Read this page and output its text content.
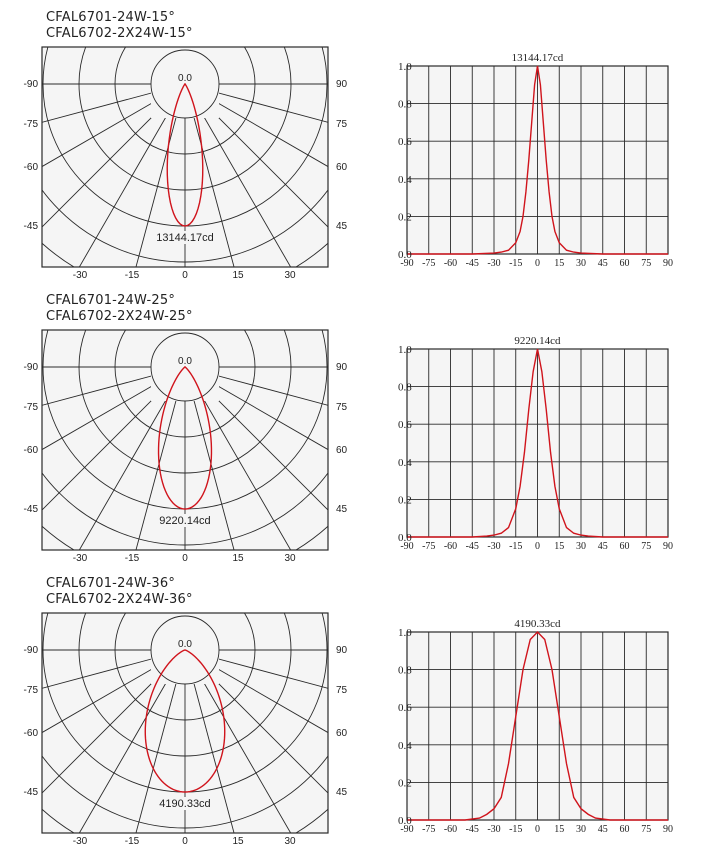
CFAL6701-24W-15°
CFAL6702-2X24W-15°
0.0
13144.17cd
-90
-75
-60
-45
90
75
60
45
-30	-15	0	15	30
13144.17cd
0.0
0.2
0.4
0.6
0.8
1.0
-90 -75 -60 -45 -30 -15 0 15 30 45 60 75 90
CFAL6701-24W-25°
CFAL6702-2X24W-25°
0.0
9220.14cd
-90
-75
-60
-45
90
75
60
45
-30	-15	0	15	30
9220.14cd
0.0
0.2
0.4
0.6
0.8
1.0
-90 -75 -60 -45 -30 -15 0 15 30 45 60 75 90
CFAL6701-24W-36°
CFAL6702-2X24W-36°
0.0
4190.33cd
-90
-75
-60
-45
90
75
60
45
-30	-15	0	15	30
4190.33cd
0.0
0.2
0.4
0.6
0.8
1.0
-90 -75 -60 -45 -30 -15 0 15 30 45 60 75 90
